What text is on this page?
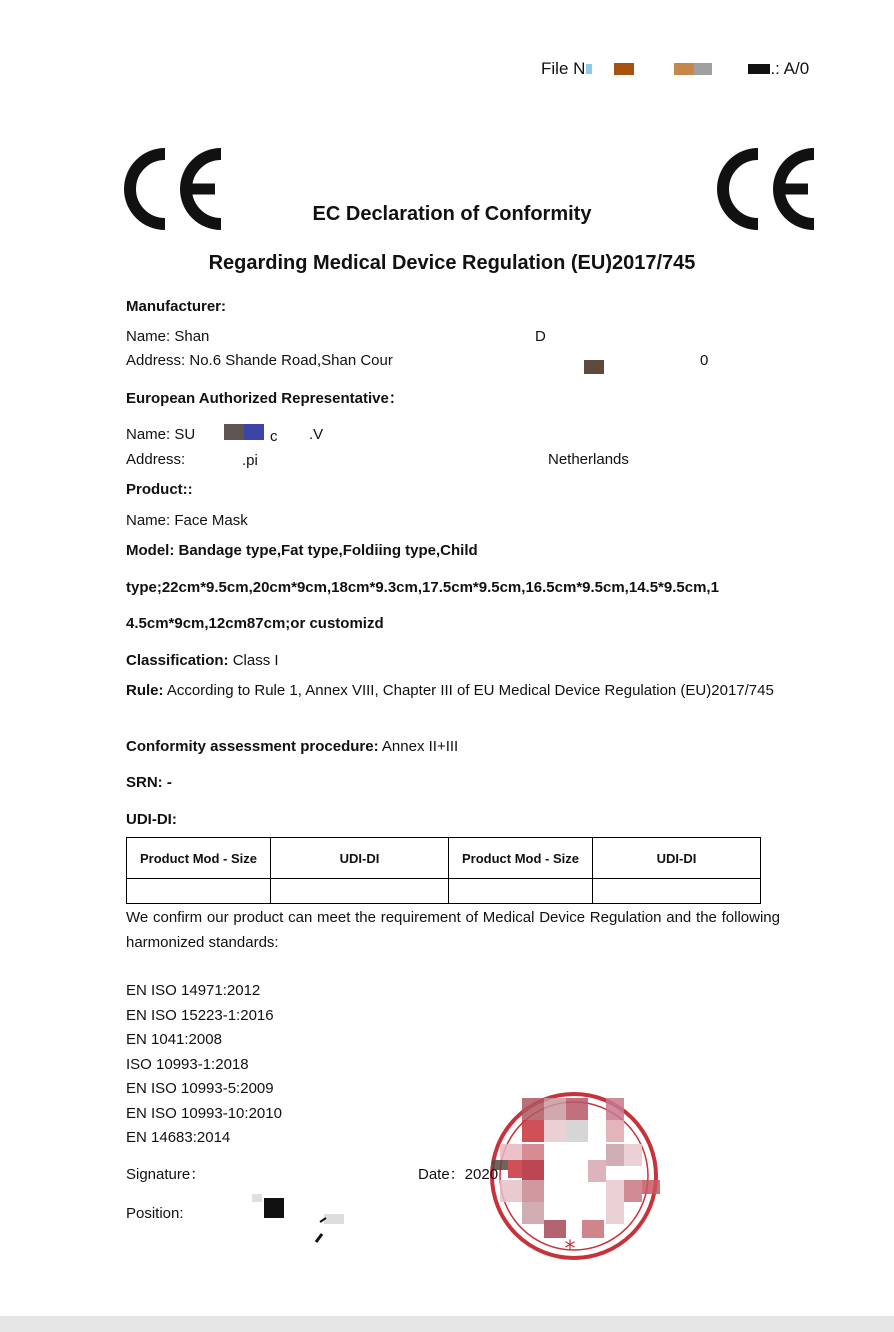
File N	.: A/0
EC Declaration of Conformity
Regarding Medical Device Regulation (EU)2017/745
Manufacturer:
Name: Shan	D
Address: No.6 Shande Road,Shan Cour	0
European Authorized Representative：
Name: SU	c .V
Address:	.pi	Netherlands
Product::
Name: Face Mask
Model: Bandage type,Fat type,Foldiing type,Child
type;22cm*9.5cm,20cm*9cm,18cm*9.3cm,17.5cm*9.5cm,16.5cm*9.5cm,14.5*9.5cm,1
4.5cm*9cm,12cm87cm;or customizd
Classification: Class I
Rule: According to Rule 1, Annex VIII, Chapter III of EU Medical Device Regulation (EU)2017/745
Conformity assessment procedure: Annex II+III
SRN: -
UDI-DI:
Product Mod - Size	UDI-DI	Product Mod - Size	UDI-DI

We confirm our product can meet the requirement of Medical Device Regulation and the following harmonized standards:
EN ISO 14971:2012
EN ISO 15223-1:2016
EN 1041:2008
ISO 10993-1:2018
EN ISO 10993-5:2009
EN ISO 10993-10:2010
EN 14683:2014
*
Signature：	Date：2020
Position:
